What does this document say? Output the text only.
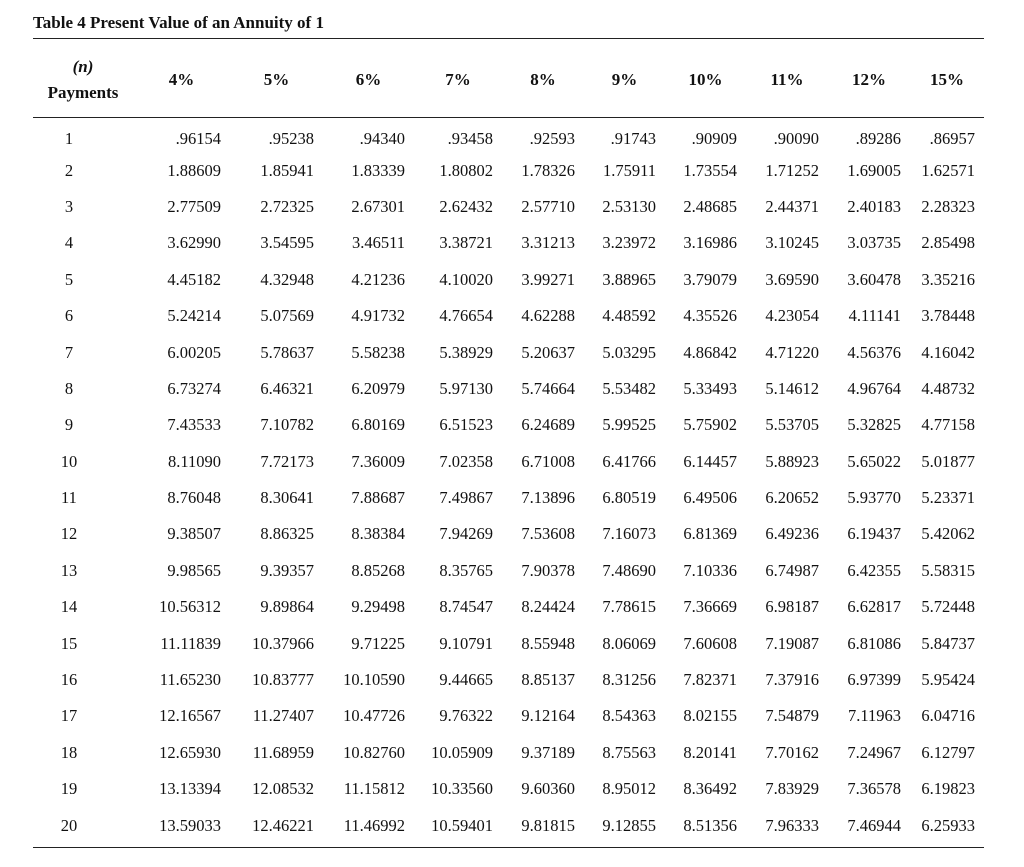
Table 4 Present Value of an Annuity of 1
(n)
Payments	4%	5%	6%	7%	8%	9%	10%	11%	12%	15%
1	.96154	.95238	.94340	.93458	.92593	.91743	.90909	.90090	.89286	.86957
2	1.88609	1.85941	1.83339	1.80802	1.78326	1.75911	1.73554	1.71252	1.69005	1.62571
3	2.77509	2.72325	2.67301	2.62432	2.57710	2.53130	2.48685	2.44371	2.40183	2.28323
4	3.62990	3.54595	3.46511	3.38721	3.31213	3.23972	3.16986	3.10245	3.03735	2.85498
5	4.45182	4.32948	4.21236	4.10020	3.99271	3.88965	3.79079	3.69590	3.60478	3.35216
6	5.24214	5.07569	4.91732	4.76654	4.62288	4.48592	4.35526	4.23054	4.11141	3.78448
7	6.00205	5.78637	5.58238	5.38929	5.20637	5.03295	4.86842	4.71220	4.56376	4.16042
8	6.73274	6.46321	6.20979	5.97130	5.74664	5.53482	5.33493	5.14612	4.96764	4.48732
9	7.43533	7.10782	6.80169	6.51523	6.24689	5.99525	5.75902	5.53705	5.32825	4.77158
10	8.11090	7.72173	7.36009	7.02358	6.71008	6.41766	6.14457	5.88923	5.65022	5.01877
11	8.76048	8.30641	7.88687	7.49867	7.13896	6.80519	6.49506	6.20652	5.93770	5.23371
12	9.38507	8.86325	8.38384	7.94269	7.53608	7.16073	6.81369	6.49236	6.19437	5.42062
13	9.98565	9.39357	8.85268	8.35765	7.90378	7.48690	7.10336	6.74987	6.42355	5.58315
14	10.56312	9.89864	9.29498	8.74547	8.24424	7.78615	7.36669	6.98187	6.62817	5.72448
15	11.11839	10.37966	9.71225	9.10791	8.55948	8.06069	7.60608	7.19087	6.81086	5.84737
16	11.65230	10.83777	10.10590	9.44665	8.85137	8.31256	7.82371	7.37916	6.97399	5.95424
17	12.16567	11.27407	10.47726	9.76322	9.12164	8.54363	8.02155	7.54879	7.11963	6.04716
18	12.65930	11.68959	10.82760	10.05909	9.37189	8.75563	8.20141	7.70162	7.24967	6.12797
19	13.13394	12.08532	11.15812	10.33560	9.60360	8.95012	8.36492	7.83929	7.36578	6.19823
20	13.59033	12.46221	11.46992	10.59401	9.81815	9.12855	8.51356	7.96333	7.46944	6.25933
